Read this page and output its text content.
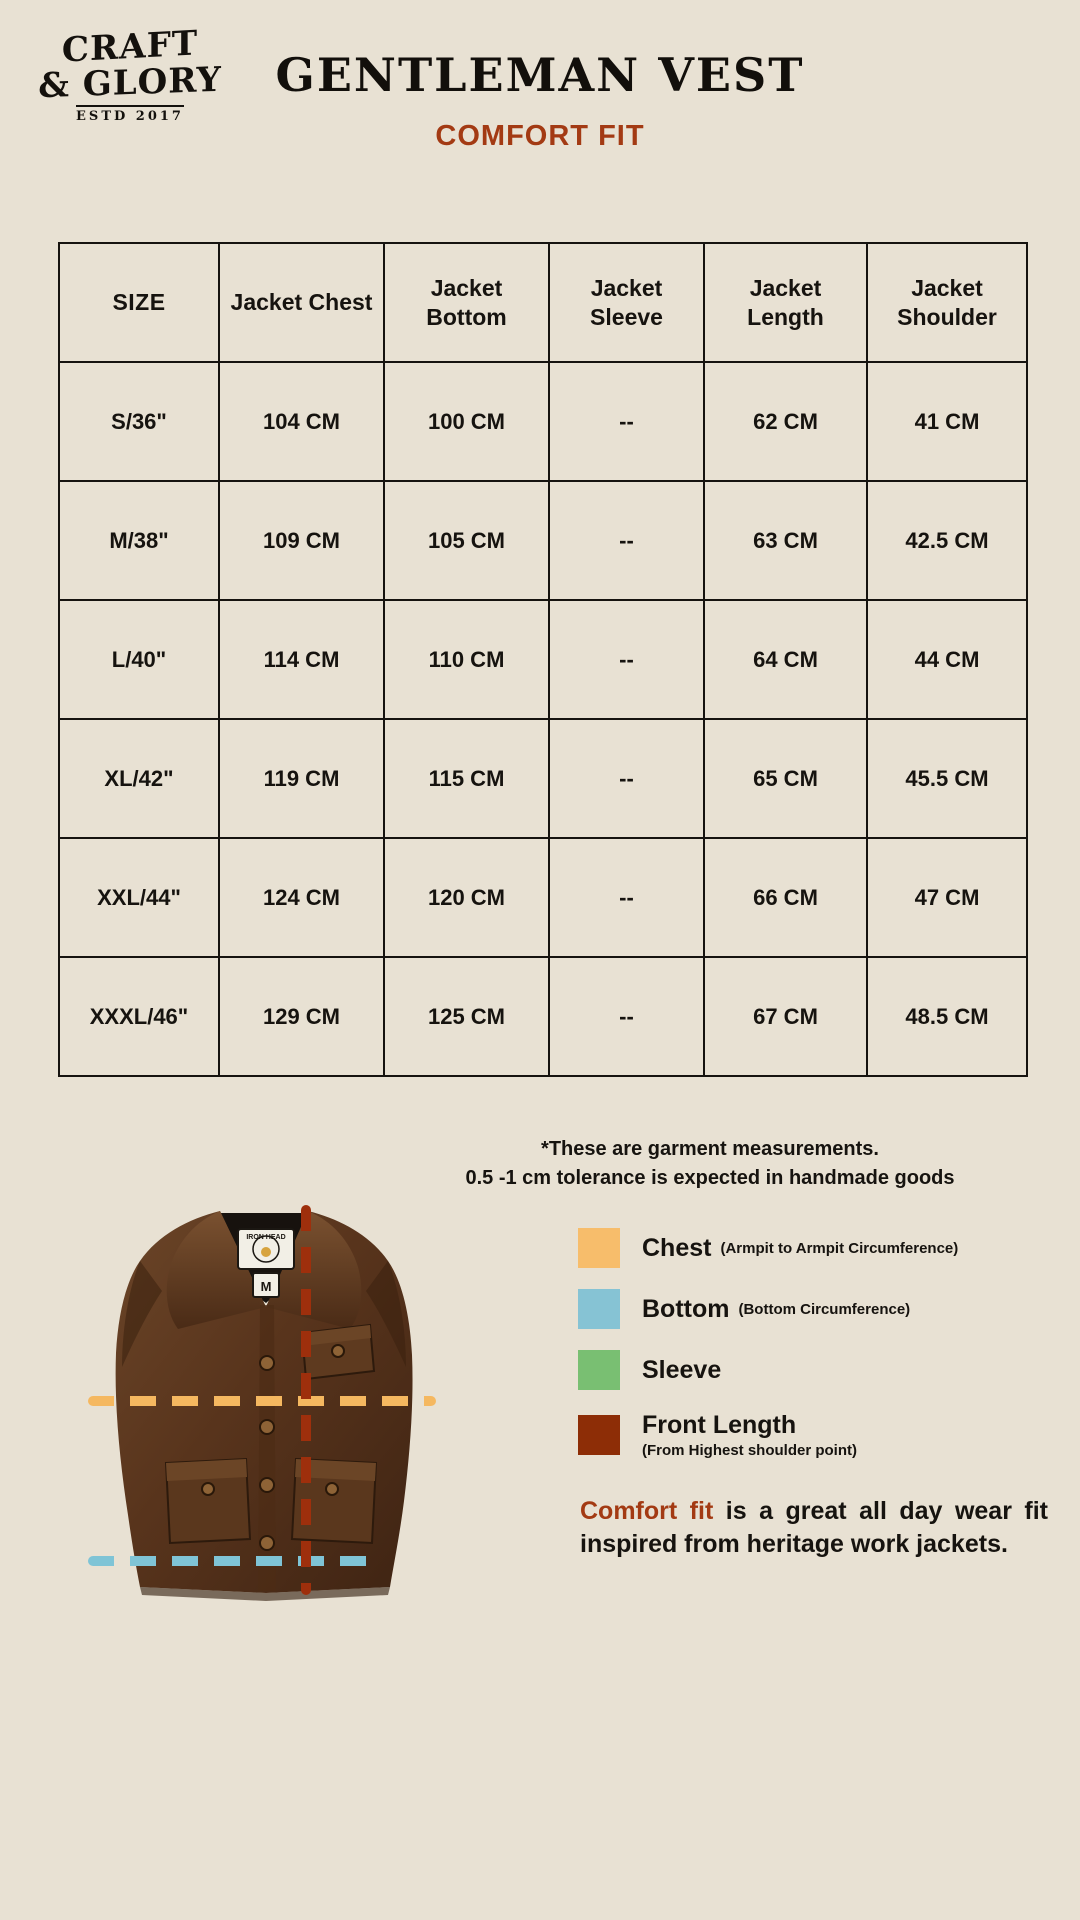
CRAFT
& GLORY
ESTD 2017
GENTLEMAN VEST
COMFORT FIT
SIZE	Jacket Chest	Jacket Bottom	Jacket Sleeve	Jacket Length	Jacket Shoulder
S/36"	104 CM	100 CM	--	62 CM	41 CM
M/38"	109 CM	105 CM	--	63 CM	42.5 CM
L/40"	114 CM	110 CM	--	64 CM	44 CM
XL/42"	119 CM	115 CM	--	65 CM	45.5 CM
XXL/44"	124 CM	120 CM	--	66 CM	47 CM
XXXL/46"	129 CM	125 CM	--	67 CM	48.5 CM
*These are garment measurements.
0.5 -1 cm tolerance is expected in handmade goods
Chest (Armpit to Armpit Circumference)
Bottom (Bottom Circumference)
Sleeve
Front Length
(From Highest shoulder point)
Comfort fit is a great all day wear fit inspired from heritage work jackets.
IRON HEAD
M
